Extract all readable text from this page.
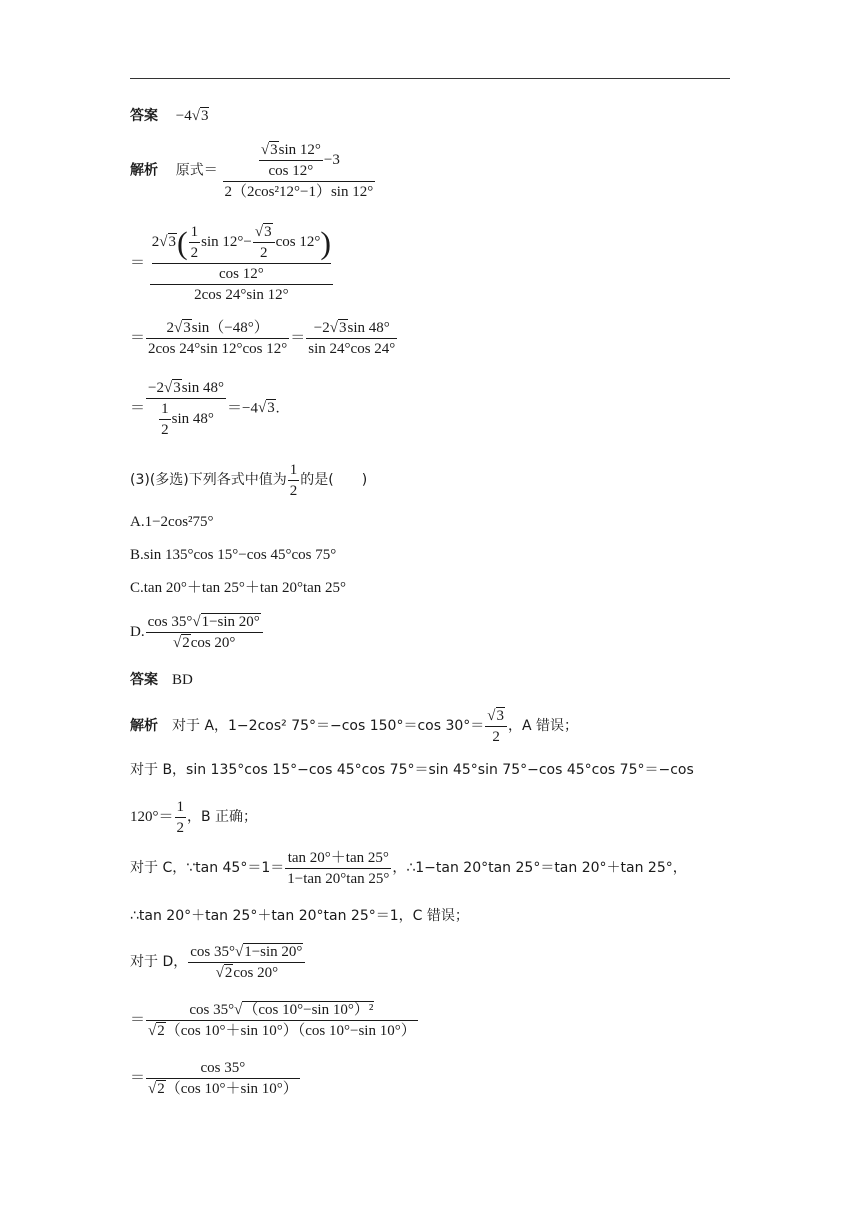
答案 −4√3
解析 原式＝ $\frac{\frac{√3\sin 12^\circ}{\cos 12^\circ} -3}{\text{2（2cos²12°−1）sin 12°}}$
＝ $2√3( \frac{1}{2}$ $\sin 12^\circ- \frac{√3}{2}$ cos 12°)
cos 12°
2cos 24°sin 12°
＝ $\frac{2√3\sin(-48^\circ)}{2\cos 24^\circ\sin 12^\circ\cos 12^\circ} = \frac{-2√3\sin 48^\circ}{\sin 24^\circ\cos 24^\circ}$
＝ $\frac{-2√3\sin 48^\circ}{\frac{1}{2} \sin 48^\circ} =-4√3$.
(3)(多选)下列各式中值为 $\frac{1}{2}$ 的是(　　)
A.1−2cos²75°
B.sin 135°cos 15°−cos 45°cos 75°
C.tan 20°＋tan 25°＋tan 20°tan 25°
D. $\frac{\cos 35^\circ√1-\sin 20^\circ}{√2\cos 20^\circ}$
答案 BD
解析 对于 A，1−2cos² 75°＝−cos 150°＝cos $30^\circ= \frac{√3}{2}$ ，A 错误；
对于 B，sin 135°cos 15°−cos 45°cos 75°＝sin 45°sin 75°−cos 45°cos 75°＝−cos
$120^\circ= \frac{1}{2}$ ，B 正确；
对于 C，∵tan $45^\circ=1= \frac{\tan 20^\circ+\tan 25^\circ}{1-\tan 20^\circ\tan 25^\circ}$ ，∴1−tan 20°tan 25°＝tan 20°＋tan 25°，
∴tan 20°＋tan 25°＋tan 20°tan 25°＝1，C 错误；
对于 D， $\frac{\cos 35^\circ√1-\sin 20^\circ}{√2\cos 20^\circ}$
＝ $\frac{\text{cos 35°√（cos 10°−sin 10°）²}}{√2(\cos 10^\circ+\sin 10^\circ)(\cos 10^\circ-\sin 10^\circ)}$
＝ $\frac{\cos 35^\circ}{√2(\cos 10^\circ+\sin 10^\circ)}$
